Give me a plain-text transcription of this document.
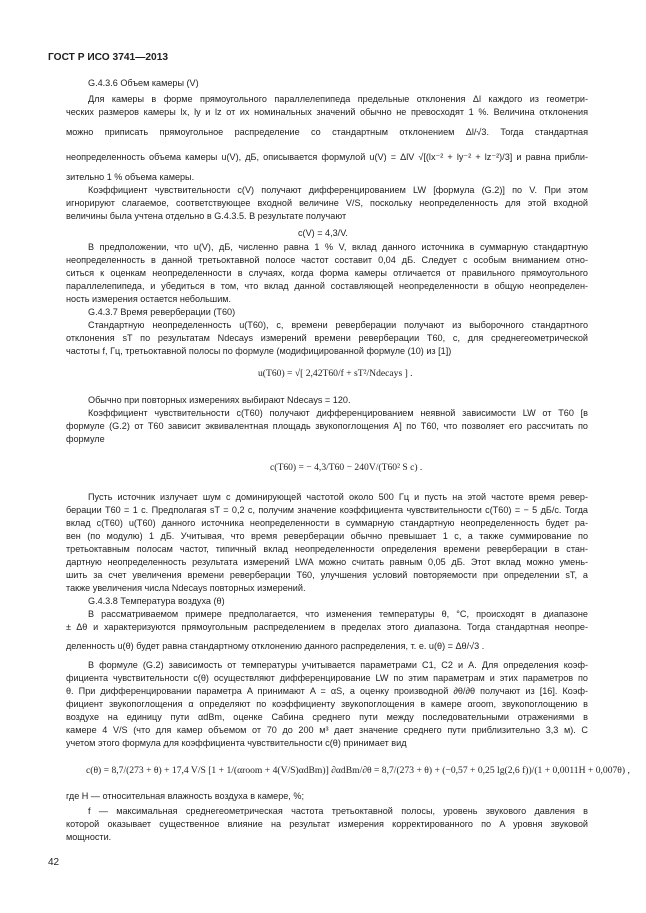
ГОСТ Р ИСО 3741—2013
G.4.3.6 Объем камеры (V)
Для камеры в форме прямоугольного параллелепипеда предельные отклонения Δl каждого из геометри-
ческих размеров камеры lx, ly и lz от их номинальных значений обычно не превосходят 1 %. Величина отклонения
можно приписать прямоугольное распределение со стандартным отклонением Δl/√3. Тогда стандартная
неопределенность объема камеры u(V), дБ, описывается формулой u(V) = ΔlV √[(lx⁻² + ly⁻² + lz⁻²)/3] и равна прибли-
зительно 1 % объема камеры.
Коэффициент чувствительности c(V) получают дифференцированием LW [формула (G.2)] по V. При этом
игнорируют слагаемое, соответствующее входной величине V/S, поскольку неопределенность для этой входной
величины была учтена отдельно в G.4.3.5. В результате получают
c(V) = 4,3/V.
В предположении, что u(V), дБ, численно равна 1 % V, вклад данного источника в суммарную стандартную
неопределенность в данной третьоктавной полосе частот составит 0,04 дБ. Следует с особым вниманием отно-
ситься к оценкам неопределенности в случаях, когда форма камеры отличается от правильного прямоугольного
параллелепипеда, и убедиться в том, что вклад данной составляющей неопределенности в общую неопределен-
ность измерения остается небольшим.
G.4.3.7 Время реверберации (T60)
Стандартную неопределенность u(T60), c, времени реверберации получают из выборочного стандартного
отклонения sT по результатам Ndecays измерений времени реверберации T60, с, для среднегеометрической
частоты f, Гц, третьоктавной полосы по формуле (модифицированной формуле (10) из [1])
u(T60) = √[ 2,42T60/f + sT²/Ndecays ] .
Обычно при повторных измерениях выбирают Ndecays = 120.
Коэффициент чувствительности c(T60) получают дифференцированием неявной зависимости LW от T60 [в
формуле (G.2) от T60 зависит эквивалентная площадь звукопоглощения A] по T60, что позволяет его рассчитать по
формуле
c(T60) = − 4,3/T60 − 240V/(T60² S c) .
Пусть источник излучает шум с доминирующей частотой около 500 Гц и пусть на этой частоте время ревер-
берации T60 = 1 с. Предполагая sT = 0,2 с, получим значение коэффициента чувствительности c(T60) = − 5 дБ/с. Тогда
вклад c(T60) u(T60) данного источника неопределенности в суммарную стандартную неопределенность будет ра-
вен (по модулю) 1 дБ. Учитывая, что время реверберации обычно превышает 1 с, а также суммирование по
третьоктавным полосам частот, типичный вклад неопределенности определения времени реверберации в стан-
дартную неопределенность результата измерений LWA можно считать равным 0,05 дБ. Этот вклад можно умень-
шить за счет увеличения времени реверберации T60, улучшения условий повторяемости при определении sT, а
также увеличения числа Ndecays повторных измерений.
G.4.3.8 Температура воздуха (θ)
В рассматриваемом примере предполагается, что изменения температуры θ, °C, происходят в диапазоне
± Δθ и характеризуются прямоугольным распределением в пределах этого диапазона. Тогда стандартная неопре-
деленность u(θ) будет равна стандартному отклонению данного распределения, т. е. u(θ) = Δθ/√3 .
В формуле (G.2) зависимость от температуры учитывается параметрами C1, C2 и A. Для определения коэф-
фициента чувствительности c(θ) осуществляют дифференцирование LW по этим параметрам и этих параметров по
θ. При дифференцировании параметра A принимают A = αS, а оценку производной ∂θ/∂θ получают из [16]. Коэф-
фициент звукопоглощения α определяют по коэффициенту звукопоглощения в камере αroom, звукопоглощению в
воздухе на единицу пути αdBm, оценке Сабина среднего пути между последовательными отражениями в
камере 4 V/S (что для камер объемом от 70 до 200 м³ дает значение среднего пути приблизительно 3,3 м). С
учетом этого формула для коэффициента чувствительности c(θ) принимает вид
c(θ) = 8,7/(273 + θ) + 17,4 V/S [1 + 1/(αroom + 4(V/S)αdBm)] ∂αdBm/∂θ = 8,7/(273 + θ) + (−0,57 + 0,25 lg(2,6 f))/(1 + 0,0011H + 0,007θ) ,
где H — относительная влажность воздуха в камере, %;
f — максимальная среднегеометрическая частота третьоктавной полосы, уровень звукового давления в
которой оказывает существенное влияние на результат измерения корректированного по A уровня звуковой
мощности.
42
